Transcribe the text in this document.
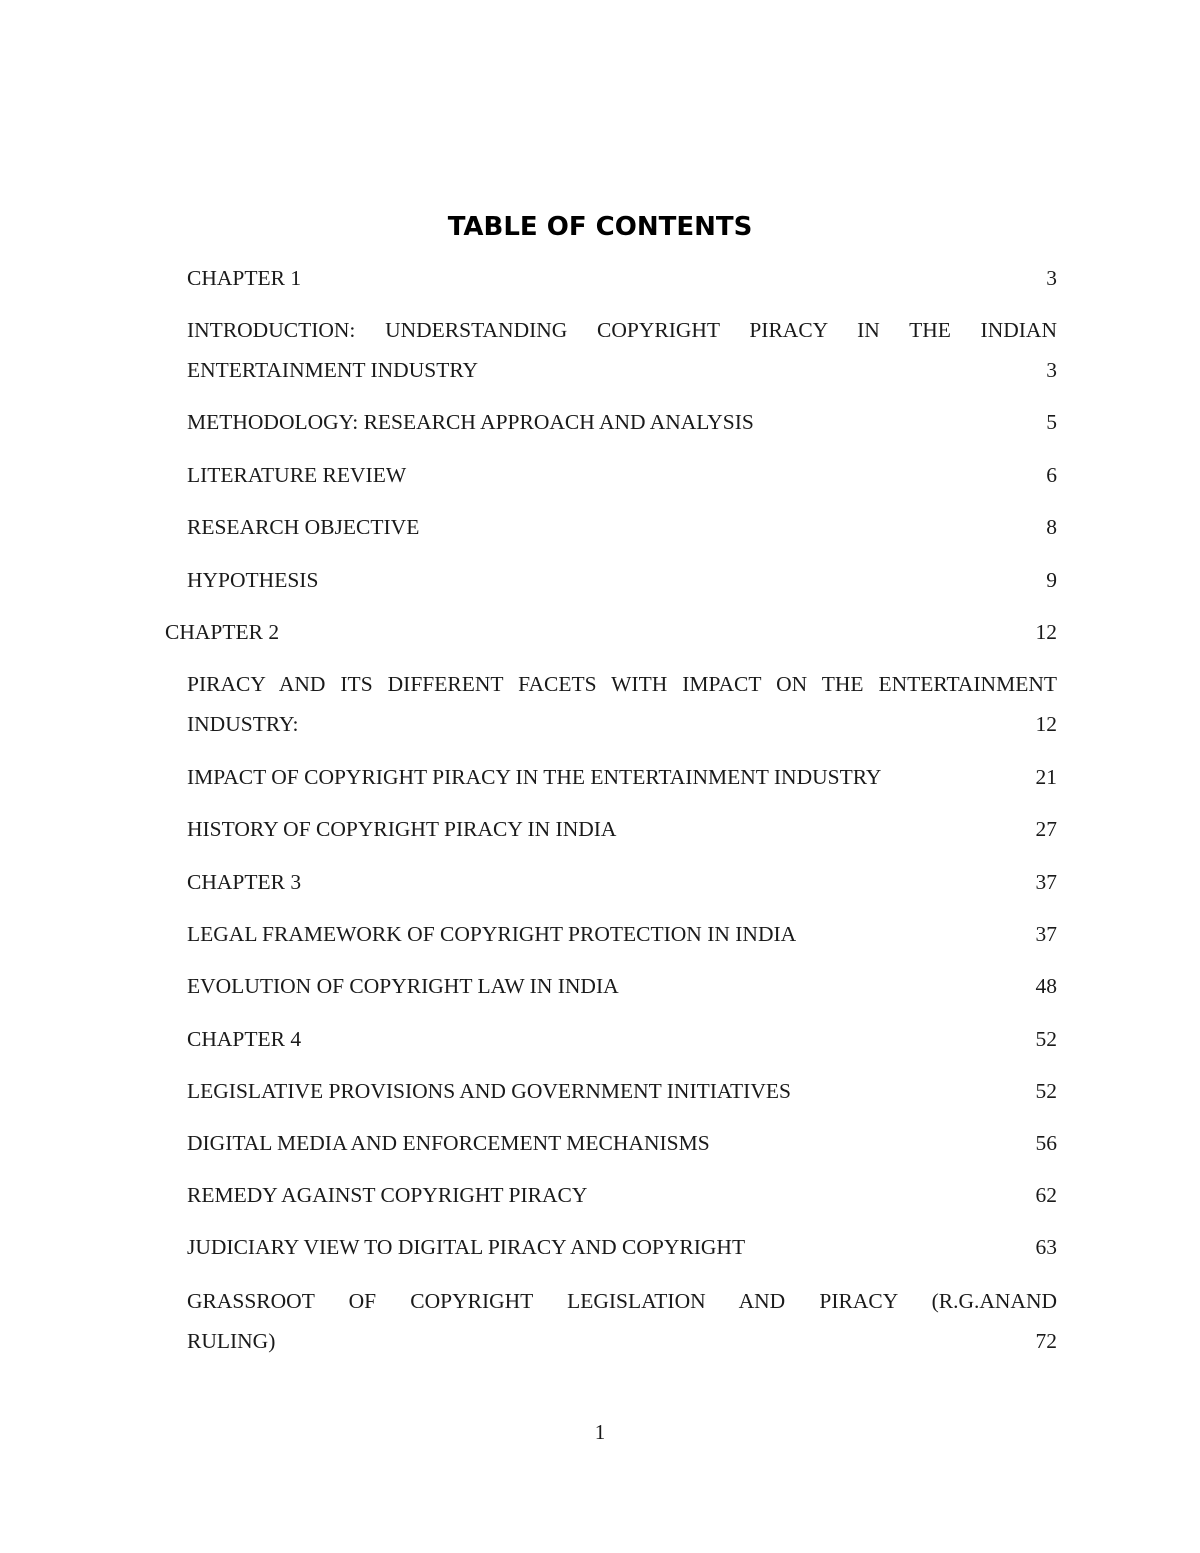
TABLE OF CONTENTS
CHAPTER 1	3
INTRODUCTION: UNDERSTANDING COPYRIGHT PIRACY IN THE INDIAN
ENTERTAINMENT INDUSTRY	3
METHODOLOGY: RESEARCH APPROACH AND ANALYSIS	5
LITERATURE REVIEW	6
RESEARCH OBJECTIVE	8
HYPOTHESIS	9
CHAPTER 2	12
PIRACY AND ITS DIFFERENT FACETS WITH IMPACT ON THE ENTERTAINMENT
INDUSTRY:	12
IMPACT OF COPYRIGHT PIRACY IN THE ENTERTAINMENT INDUSTRY	21
HISTORY OF COPYRIGHT PIRACY IN INDIA	27
CHAPTER 3	37
LEGAL FRAMEWORK OF COPYRIGHT PROTECTION IN INDIA	37
EVOLUTION OF COPYRIGHT LAW IN INDIA	48
CHAPTER 4	52
LEGISLATIVE PROVISIONS AND GOVERNMENT INITIATIVES	52
DIGITAL MEDIA AND ENFORCEMENT MECHANISMS	56
REMEDY AGAINST COPYRIGHT PIRACY	62
JUDICIARY VIEW TO DIGITAL PIRACY AND COPYRIGHT	63
GRASSROOT OF COPYRIGHT LEGISLATION AND PIRACY (R.G.ANAND
RULING)	72
1
